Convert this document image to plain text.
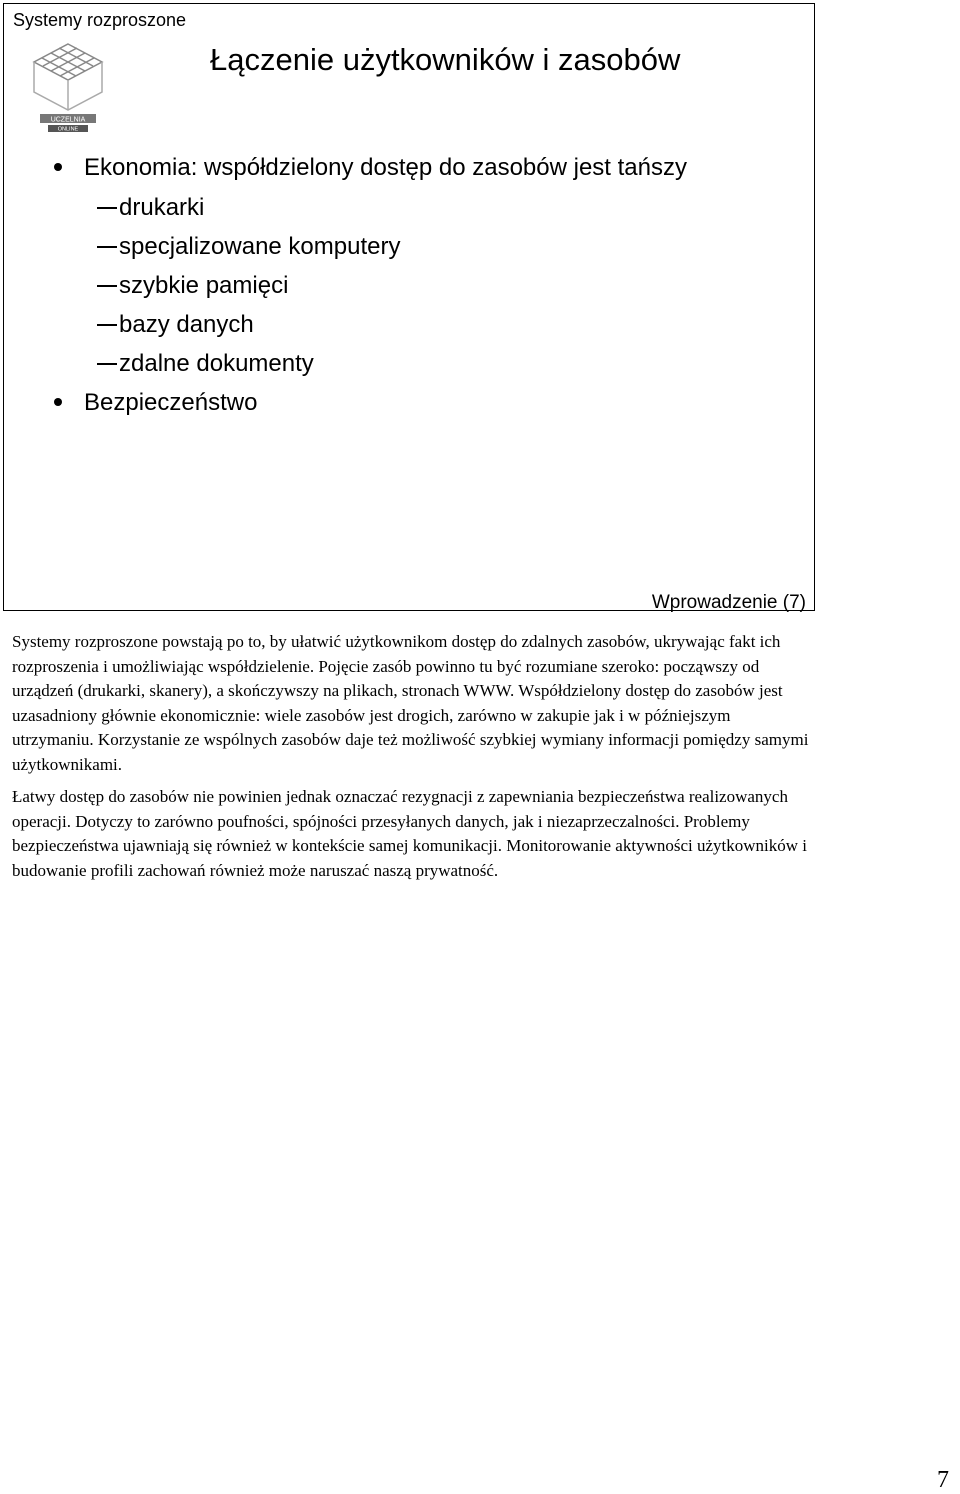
Systemy rozproszone
UCZELNIA
ONLINE
Łączenie użytkowników i zasobów
Ekonomia: współdzielony dostęp do zasobów jest tańszy
drukarki
specjalizowane komputery
szybkie pamięci
bazy danych
zdalne dokumenty
Bezpieczeństwo
Wprowadzenie (7)

Systemy rozproszone powstają po to, by ułatwić użytkownikom dostęp do zdalnych zasobów, ukrywając fakt ich rozproszenia i umożliwiając współdzielenie. Pojęcie zasób powinno tu być rozumiane szeroko: począwszy od urządzeń (drukarki, skanery), a skończywszy na plikach, stronach WWW. Współdzielony dostęp do zasobów jest uzasadniony głównie ekonomicznie: wiele zasobów jest drogich, zarówno w zakupie jak i w późniejszym utrzymaniu. Korzystanie ze wspólnych zasobów daje też możliwość szybkiej wymiany informacji pomiędzy samymi użytkownikami.

Łatwy dostęp do zasobów nie powinien jednak oznaczać rezygnacji z zapewniania bezpieczeństwa realizowanych operacji. Dotyczy to zarówno poufności, spójności przesyłanych danych, jak i niezaprzeczalności. Problemy bezpieczeństwa ujawniają się również w kontekście samej komunikacji. Monitorowanie aktywności użytkowników i budowanie profili zachowań również może naruszać naszą prywatność.

7
